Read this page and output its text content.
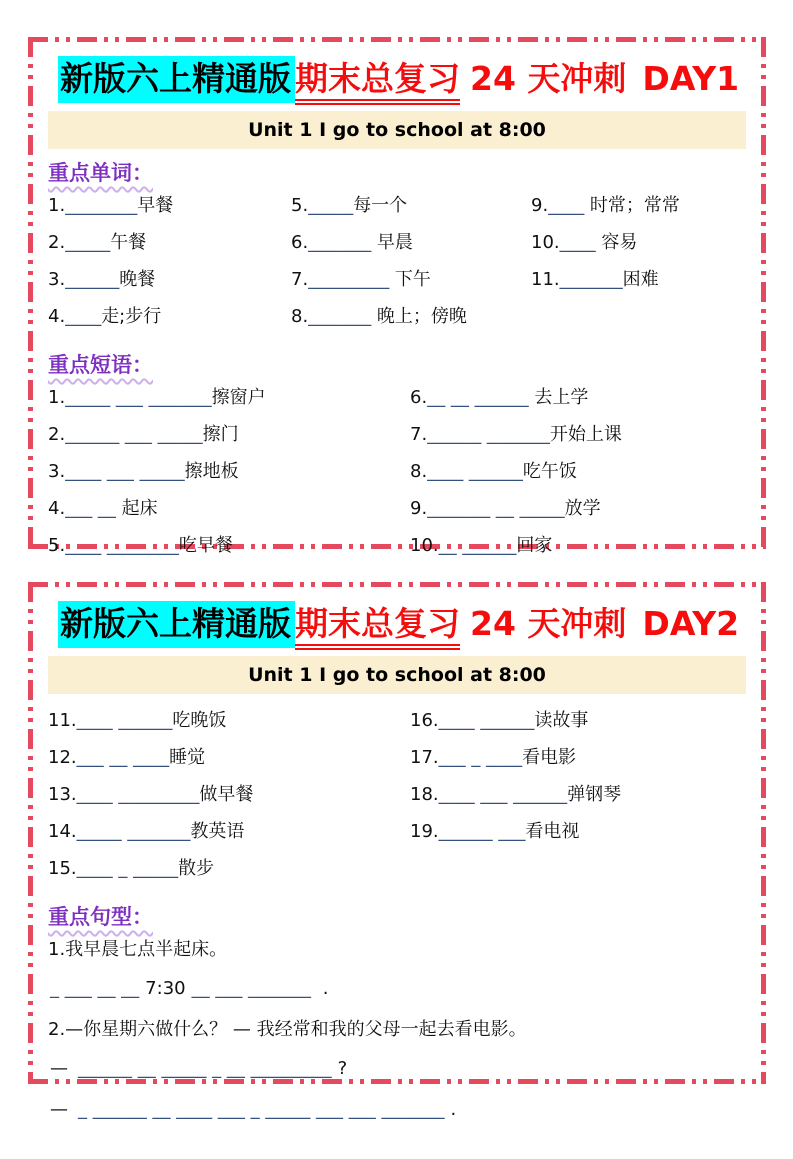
新版六上精通版 期末总复习 24 天冲刺 DAY1
Unit 1 I go to school at 8:00
重点单词：
1.________早餐
2._____午餐
3.______晚餐
4.____走;步行
5._____每一个
6._______ 早晨
7._________ 下午
8._______ 晚上；傍晚
9.____ 时常；常常
10.____ 容易
11._______困难
重点短语：
1._____ ___ _______擦窗户
2.______ ___ _____擦门
3.____ ___ _____擦地板
4.___ __ 起床
5.____ ________吃早餐
6.__ __ ______ 去上学
7.______ _______开始上课
8.____ ______吃午饭
9._______ __ _____放学
10.__ ______回家
新版六上精通版 期末总复习 24 天冲刺 DAY2
Unit 1 I go to school at 8:00
11.____ ______吃晚饭
12.___ __ ____睡觉
13.____ _________做早餐
14._____ _______教英语
15.____ _ _____散步
16.____ ______读故事
17.___ _ ____看电影
18.____ ___ ______弹钢琴
19.______ ___看电视
重点句型：
1.我早晨七点半起床。
_ ___ __ __ 7:30 __ ___ _______ .
2.—你星期六做什么？ — 我经常和我的父母一起去看电影。
— ______ __ _____ _ __ _________ ?
— _ ______ __ ____ ___ _ _____ ___ ___ _______ .
